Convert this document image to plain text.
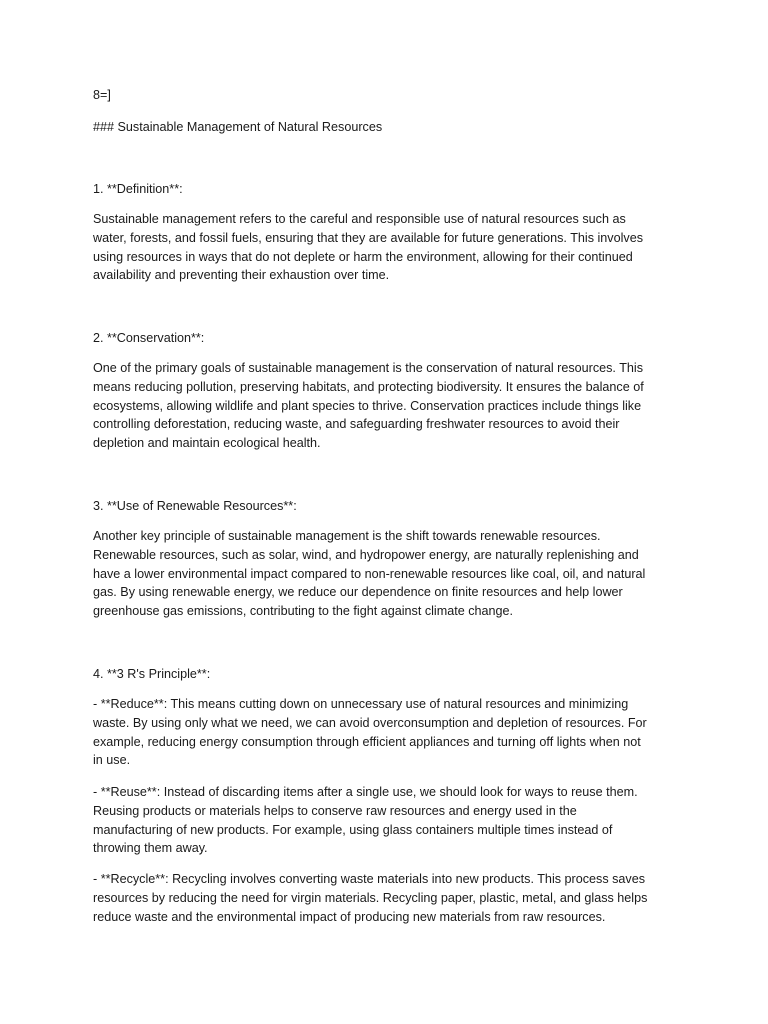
8=]
### Sustainable Management of Natural Resources
1. **Definition**:

Sustainable management refers to the careful and responsible use of natural resources such as

water, forests, and fossil fuels, ensuring that they are available for future generations. This involves

using resources in ways that do not deplete or harm the environment, allowing for their continued

availability and preventing their exhaustion over time.

2. **Conservation**:

One of the primary goals of sustainable management is the conservation of natural resources. This

means reducing pollution, preserving habitats, and protecting biodiversity. It ensures the balance of

ecosystems, allowing wildlife and plant species to thrive. Conservation practices include things like

controlling deforestation, reducing waste, and safeguarding freshwater resources to avoid their

depletion and maintain ecological health.

3. **Use of Renewable Resources**:

Another key principle of sustainable management is the shift towards renewable resources.

Renewable resources, such as solar, wind, and hydropower energy, are naturally replenishing and

have a lower environmental impact compared to non-renewable resources like coal, oil, and natural

gas. By using renewable energy, we reduce our dependence on finite resources and help lower

greenhouse gas emissions, contributing to the fight against climate change.

4. **3 R's Principle**:

- **Reduce**: This means cutting down on unnecessary use of natural resources and minimizing

waste. By using only what we need, we can avoid overconsumption and depletion of resources. For

example, reducing energy consumption through efficient appliances and turning off lights when not

in use.

- **Reuse**: Instead of discarding items after a single use, we should look for ways to reuse them.

Reusing products or materials helps to conserve raw resources and energy used in the

manufacturing of new products. For example, using glass containers multiple times instead of

throwing them away.

- **Recycle**: Recycling involves converting waste materials into new products. This process saves

resources by reducing the need for virgin materials. Recycling paper, plastic, metal, and glass helps

reduce waste and the environmental impact of producing new materials from raw resources.
